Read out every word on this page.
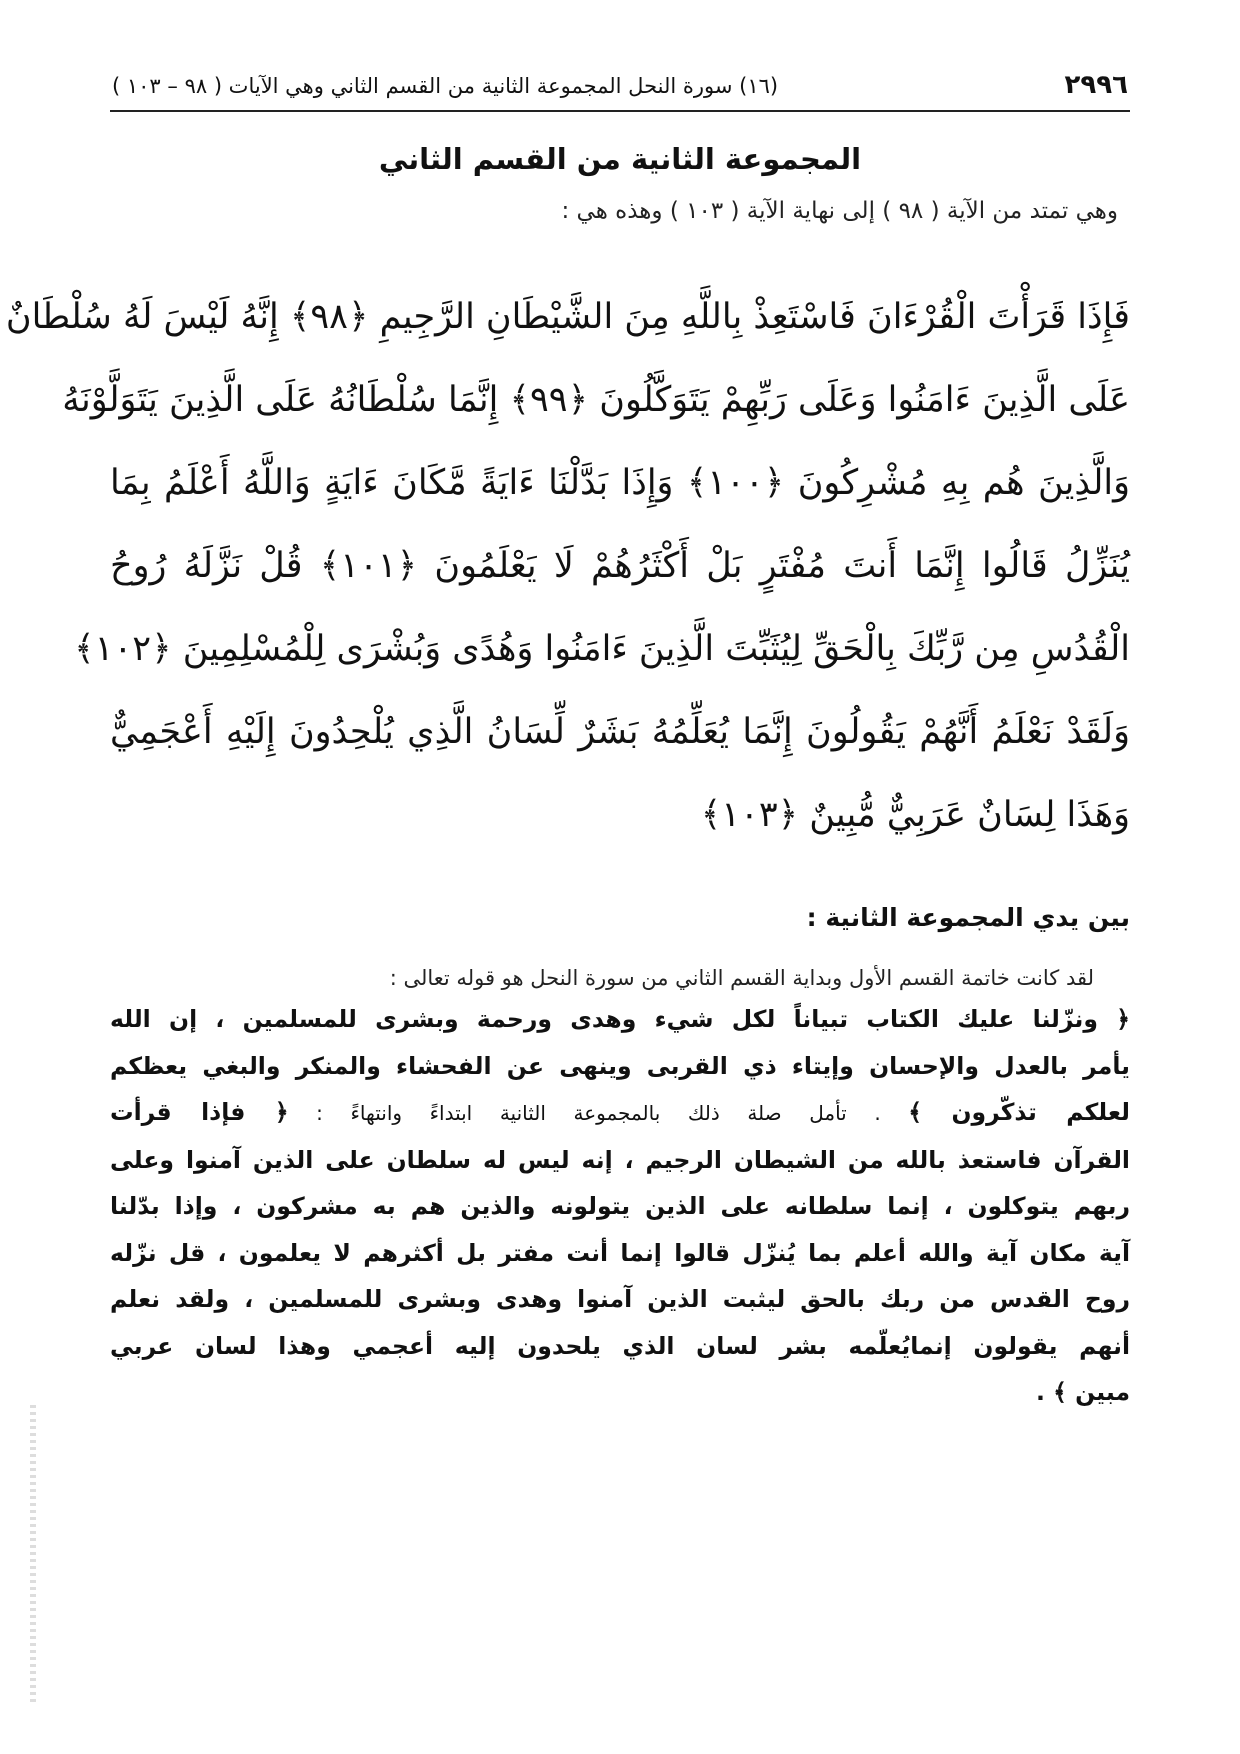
٢٩٩٦
(١٦) سورة النحل المجموعة الثانية من القسم الثاني وهي الآيات ( ٩٨ – ١٠٣ )
المجموعة الثانية من القسم الثاني
وهي تمتد من الآية ( ٩٨ ) إلى نهاية الآية ( ١٠٣ ) وهذه هي :
فَإِذَا قَرَأْتَ الْقُرْءَانَ فَاسْتَعِذْ بِاللَّهِ مِنَ الشَّيْطَانِ الرَّجِيمِ ﴿٩٨﴾ إِنَّهُ لَيْسَ لَهُ سُلْطَانٌ
عَلَى الَّذِينَ ءَامَنُوا وَعَلَى رَبِّهِمْ يَتَوَكَّلُونَ ﴿٩٩﴾ إِنَّمَا سُلْطَانُهُ عَلَى الَّذِينَ يَتَوَلَّوْنَهُ
وَالَّذِينَ هُم بِهِ مُشْرِكُونَ ﴿١٠٠﴾ وَإِذَا بَدَّلْنَا ءَايَةً مَّكَانَ ءَايَةٍ وَاللَّهُ أَعْلَمُ بِمَا
يُنَزِّلُ قَالُوا إِنَّمَا أَنتَ مُفْتَرٍ بَلْ أَكْثَرُهُمْ لَا يَعْلَمُونَ ﴿١٠١﴾ قُلْ نَزَّلَهُ رُوحُ
الْقُدُسِ مِن رَّبِّكَ بِالْحَقِّ لِيُثَبِّتَ الَّذِينَ ءَامَنُوا وَهُدًى وَبُشْرَى لِلْمُسْلِمِينَ ﴿١٠٢﴾
وَلَقَدْ نَعْلَمُ أَنَّهُمْ يَقُولُونَ إِنَّمَا يُعَلِّمُهُ بَشَرٌ لِّسَانُ الَّذِي يُلْحِدُونَ إِلَيْهِ أَعْجَمِيٌّ
وَهَذَا لِسَانٌ عَرَبِيٌّ مُّبِينٌ ﴿١٠٣﴾
بين يدي المجموعة الثانية :
لقد كانت خاتمة القسم الأول وبداية القسم الثاني من سورة النحل هو قوله تعالى :
﴿ ونزّلنا عليك الكتاب تبياناً لكل شيء وهدى ورحمة وبشرى للمسلمين ، إن الله
يأمر بالعدل والإحسان وإيتاء ذي القربى وينهى عن الفحشاء والمنكر والبغي يعظكم
لعلكم تذكّرون ﴾ . تأمل صلة ذلك بالمجموعة الثانية ابتداءً وانتهاءً : ﴿ فإذا قرأت
القرآن فاستعذ بالله من الشيطان الرجيم ، إنه ليس له سلطان على الذين آمنوا وعلى
ربهم يتوكلون ، إنما سلطانه على الذين يتولونه والذين هم به مشركون ، وإذا بدّلنا
آية مكان آية والله أعلم بما يُنزّل قالوا إنما أنت مفتر بل أكثرهم لا يعلمون ، قل نزّله
روح القدس من ربك بالحق ليثبت الذين آمنوا وهدى وبشرى للمسلمين ، ولقد نعلم
أنهم يقولون إنمايُعلّمه بشر لسان الذي يلحدون إليه أعجمي وهذا لسان عربي
مبين ﴾ .
